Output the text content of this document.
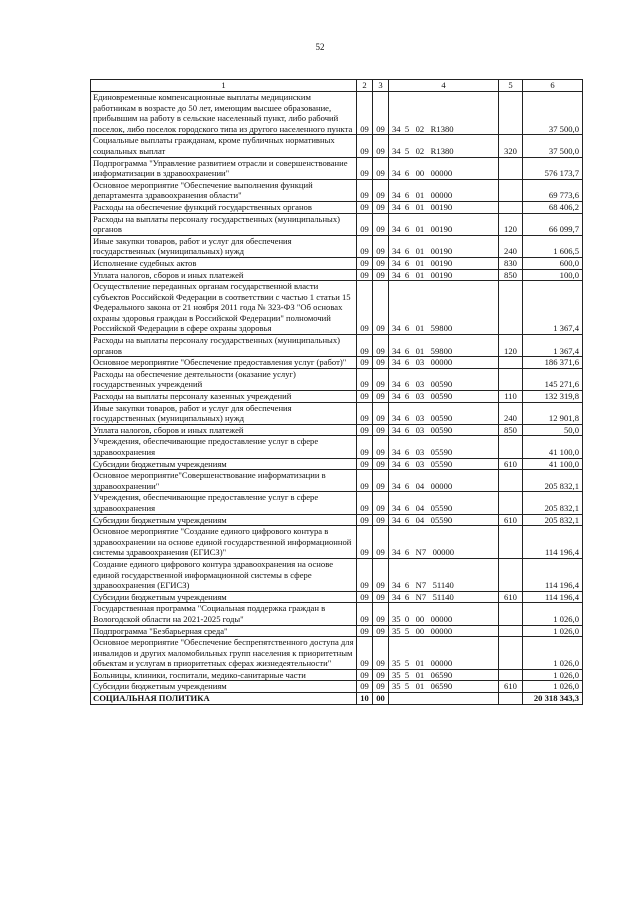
52
1	2	3	4	5	6
Единовременные компенсационные выплаты медицинским работникам в возрасте до 50 лет, имеющим высшее образование, прибывшим на работу в сельские населенный пункт, либо рабочий поселок, либо поселок городского типа из другого населенного пункта	09	09	34  5   02   R1380		37 500,0
Социальные выплаты гражданам, кроме публичных нормативных социальных выплат	09	09	34  5   02   R1380	320	37 500,0
Подпрограмма "Управление развитием отрасли и совершенствование информатизации в здравоохранении"	09	09	34  6   00   00000		576 173,7
Основное мероприятие "Обеспечение выполнения функций департамента здравоохранения области"	09	09	34  6   01   00000		69 773,6
Расходы на обеспечение функций государственных органов	09	09	34  6   01   00190		68 406,2
Расходы на выплаты персоналу государственных (муниципальных) органов	09	09	34  6   01   00190	120	66 099,7
Иные закупки товаров, работ и услуг для обеспечения государственных (муниципальных) нужд	09	09	34  6   01   00190	240	1 606,5
Исполнение судебных актов	09	09	34  6   01   00190	830	600,0
Уплата налогов, сборов и иных платежей	09	09	34  6   01   00190	850	100,0
Осуществление переданных органам государственной власти субъектов Российской Федерации в соответствии с частью 1 статьи 15 Федерального закона от 21 ноября 2011 года № 323-ФЗ "Об основах охраны здоровья граждан в Российской Федерации" полномочий Российской Федерации в сфере охраны здоровья	09	09	34  6   01   59800		1 367,4
Расходы на выплаты персоналу государственных (муниципальных) органов	09	09	34  6   01   59800	120	1 367,4
Основное мероприятие "Обеспечение предоставления услуг (работ)"	09	09	34  6   03   00000		186 371,6
Расходы на обеспечение деятельности (оказание услуг) государственных учреждений	09	09	34  6   03   00590		145 271,6
Расходы на выплаты персоналу казенных учреждений	09	09	34  6   03   00590	110	132 319,8
Иные закупки товаров, работ и услуг для обеспечения государственных (муниципальных) нужд	09	09	34  6   03   00590	240	12 901,8
Уплата налогов, сборов и иных платежей	09	09	34  6   03   00590	850	50,0
Учреждения, обеспечивающие предоставление услуг в сфере здравоохранения	09	09	34  6   03   05590		41 100,0
Субсидии бюджетным учреждениям	09	09	34  6   03   05590	610	41 100,0
Основное мероприятие"Совершенствование информатизации в здравоохранении"	09	09	34  6   04   00000		205 832,1
Учреждения, обеспечивающие предоставление услуг в сфере здравоохранения	09	09	34  6   04   05590		205 832,1
Субсидии бюджетным учреждениям	09	09	34  6   04   05590	610	205 832,1
Основное мероприятие "Создание единого цифрового контура в здравоохранении на основе единой государственной информационной системы здравоохранения (ЕГИСЗ)"	09	09	34  6   N7   00000		114 196,4
Создание единого цифрового контура здравоохранения на основе единой государственной информационной системы в сфере здравоохранения (ЕГИСЗ)	09	09	34  6   N7   51140		114 196,4
Субсидии бюджетным учреждениям	09	09	34  6   N7   51140	610	114 196,4
Государственная программа "Социальная поддержка граждан в Вологодской области на 2021-2025 годы"	09	09	35  0   00   00000		1 026,0
Подпрограмма "Безбарьерная среда"	09	09	35  5   00   00000		1 026,0
Основное мероприятие "Обеспечение беспрепятственного доступа для инвалидов и других маломобильных групп населения к приоритетным объектам и услугам в приоритетных сферах жизнедеятельности"	09	09	35  5   01   00000		1 026,0
Больницы, клиники, госпитали, медико-санитарные части	09	09	35  5   01   06590		1 026,0
Субсидии бюджетным учреждениям	09	09	35  5   01   06590	610	1 026,0
СОЦИАЛЬНАЯ ПОЛИТИКА	10	00			20 318 343,3
